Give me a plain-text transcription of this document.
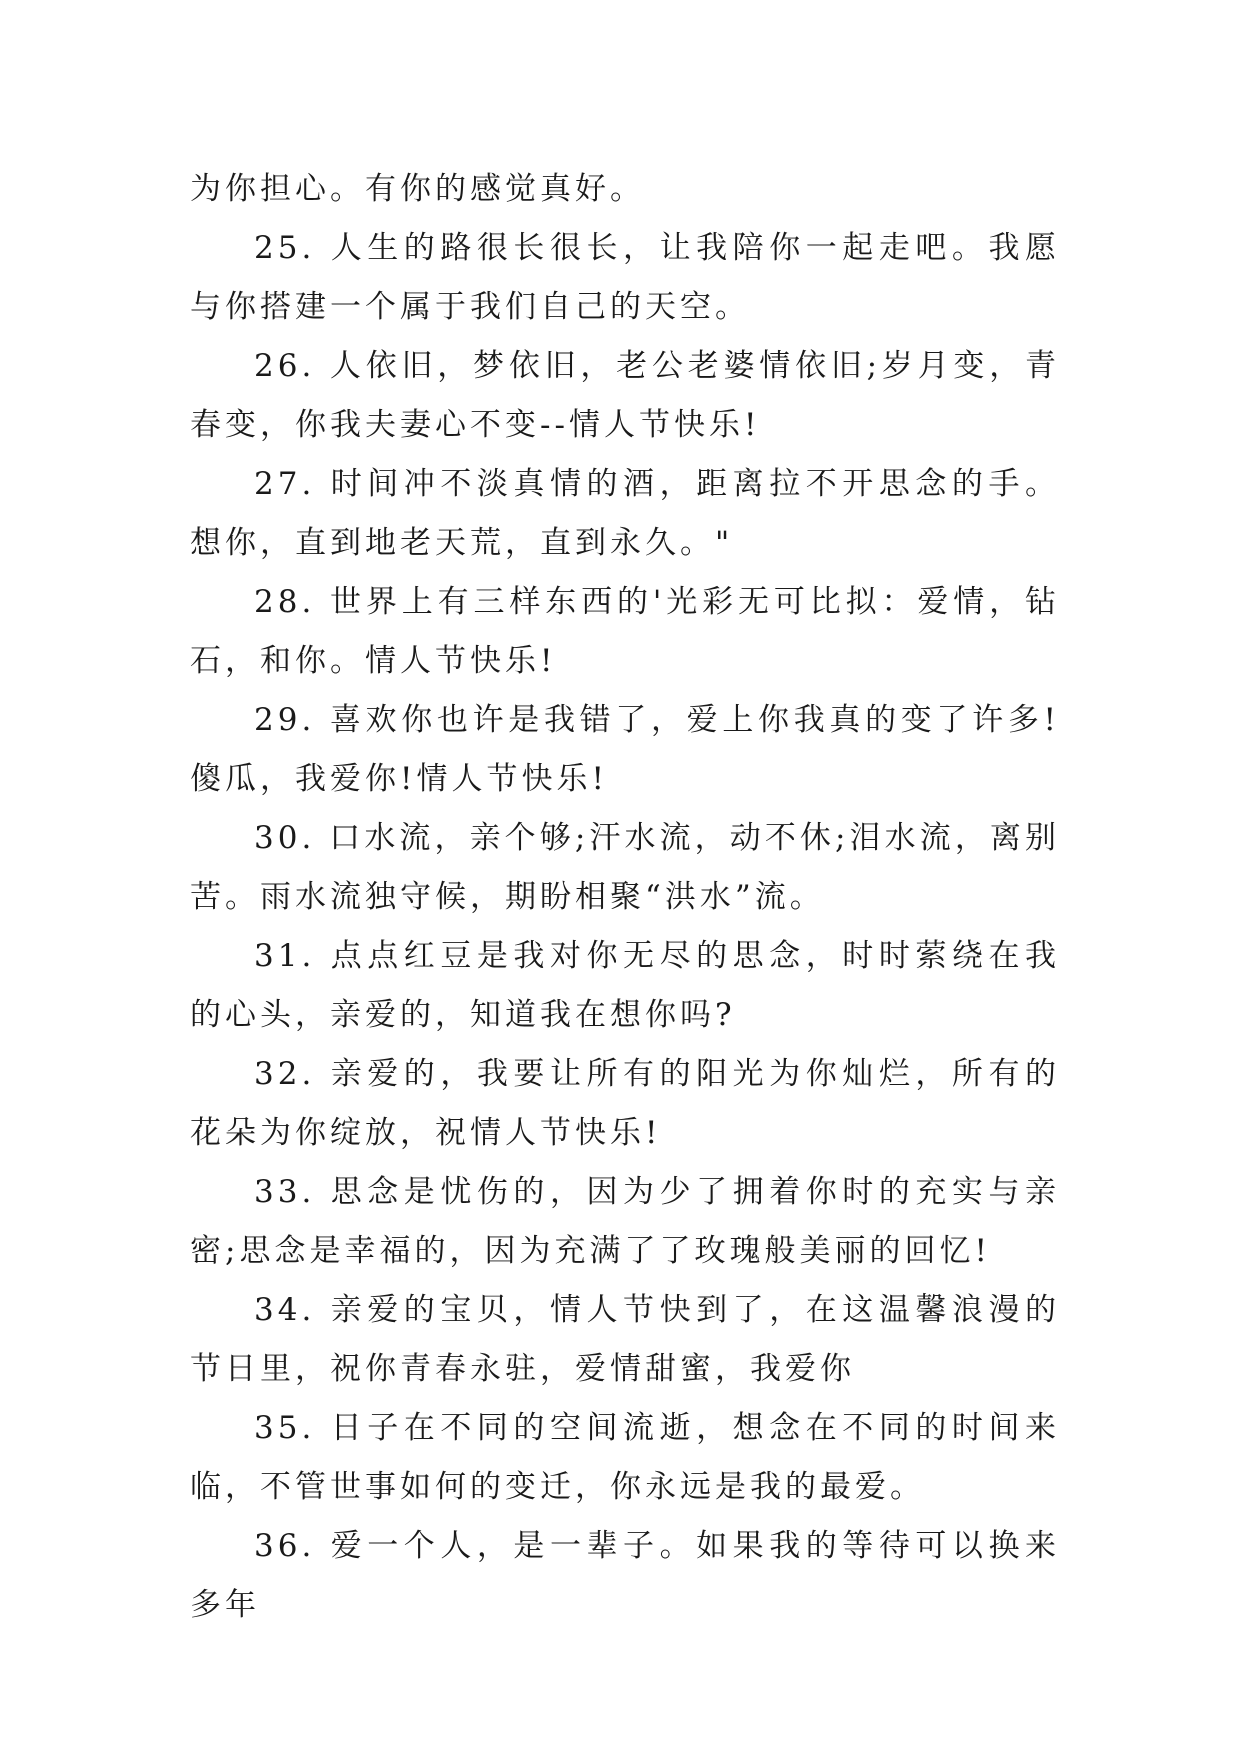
为你担心。有你的感觉真好。

25. 人生的路很长很长，让我陪你一起走吧。我愿与你搭建一个属于我们自己的天空。

26. 人依旧，梦依旧，老公老婆情依旧;岁月变，青春变，你我夫妻心不变--情人节快乐!

27. 时间冲不淡真情的酒，距离拉不开思念的手。想你，直到地老天荒，直到永久。"

28. 世界上有三样东西的'光彩无可比拟：爱情，钻石，和你。情人节快乐!

29. 喜欢你也许是我错了，爱上你我真的变了许多!傻瓜，我爱你!情人节快乐!

30. 口水流，亲个够;汗水流，动不休;泪水流，离别苦。雨水流独守候，期盼相聚“洪水”流。

31. 点点红豆是我对你无尽的思念，时时萦绕在我的心头，亲爱的，知道我在想你吗?

32. 亲爱的，我要让所有的阳光为你灿烂，所有的花朵为你绽放，祝情人节快乐!

33. 思念是忧伤的，因为少了拥着你时的充实与亲密;思念是幸福的，因为充满了了玫瑰般美丽的回忆!

34. 亲爱的宝贝，情人节快到了，在这温馨浪漫的节日里，祝你青春永驻，爱情甜蜜，我爱你

35. 日子在不同的空间流逝，想念在不同的时间来临，不管世事如何的变迁，你永远是我的最爱。

36. 爱一个人，是一辈子。如果我的等待可以换来多年
